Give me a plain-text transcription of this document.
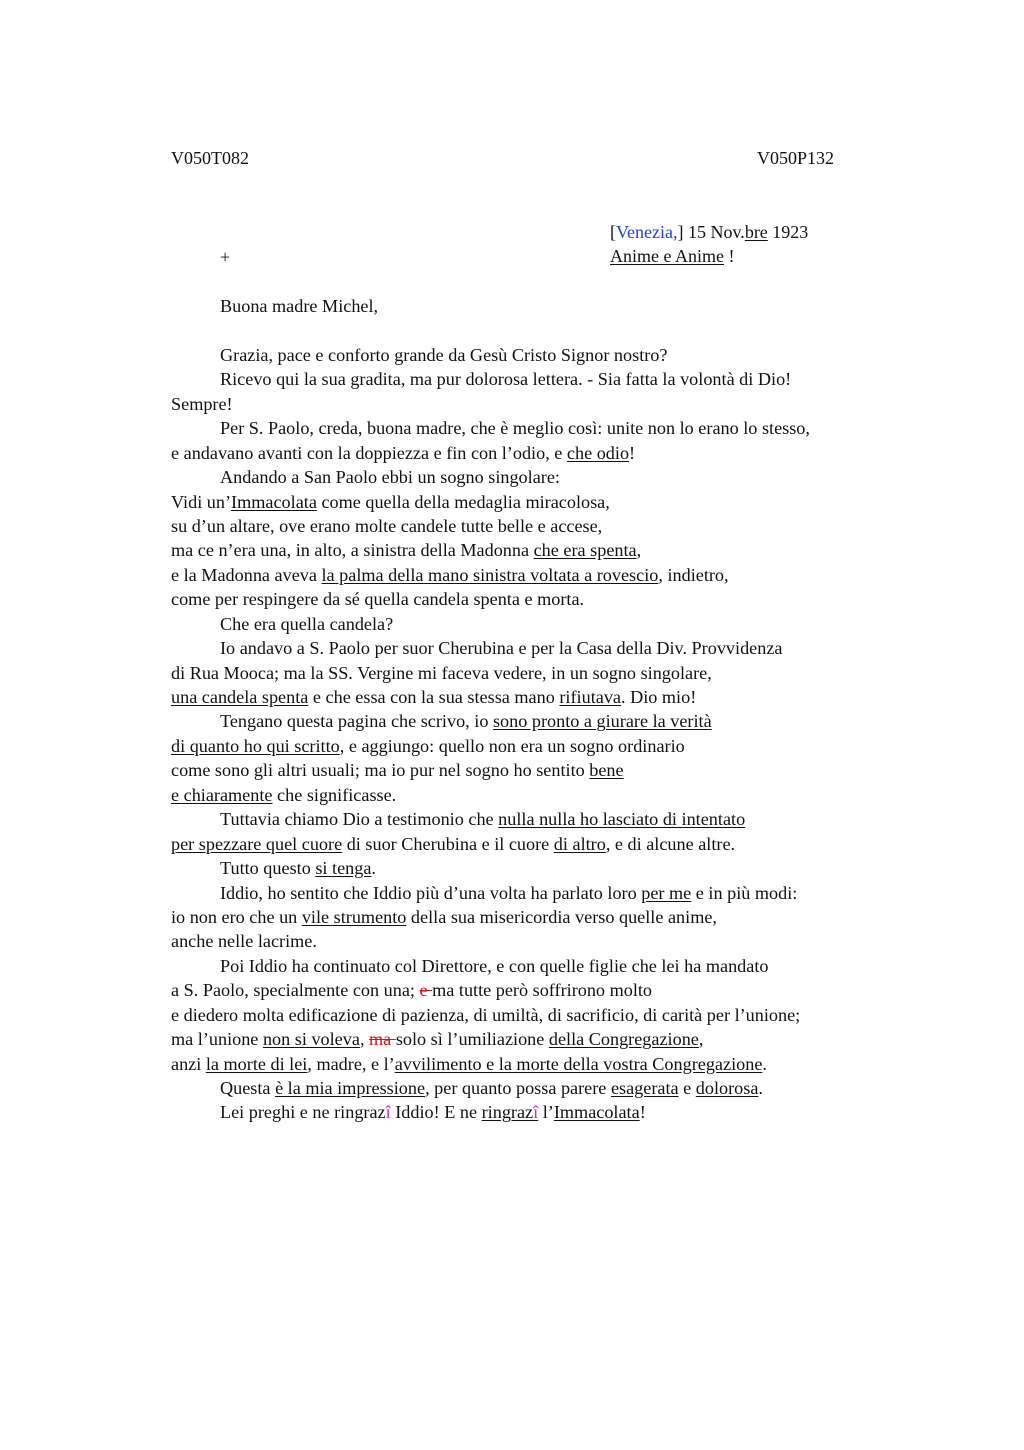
V050T082	V050P132
[Venezia,] 15 Nov.bre 1923
Anime e Anime !
+
Buona madre Michel,
Grazia, pace e conforto grande da Gesù Cristo Signor nostro?
Ricevo qui la sua gradita, ma pur dolorosa lettera. - Sia fatta la volontà di Dio!
Sempre!
Per S. Paolo, creda, buona madre, che è meglio così: unite non lo erano lo stesso,
e andavano avanti con la doppiezza e fin con l’odio, e che odio!
Andando a San Paolo ebbi un sogno singolare:
Vidi un’Immacolata come quella della medaglia miracolosa,
su d’un altare, ove erano molte candele tutte belle e accese,
ma ce n’era una, in alto, a sinistra della Madonna che era spenta,
e la Madonna aveva la palma della mano sinistra voltata a rovescio, indietro,
come per respingere da sé quella candela spenta e morta.
Che era quella candela?
Io andavo a S. Paolo per suor Cherubina e per la Casa della Div. Provvidenza
di Rua Mooca; ma la SS. Vergine mi faceva vedere, in un sogno singolare,
una candela spenta e che essa con la sua stessa mano rifiutava. Dio mio!
Tengano questa pagina che scrivo, io sono pronto a giurare la verità
di quanto ho qui scritto, e aggiungo: quello non era un sogno ordinario
come sono gli altri usuali; ma io pur nel sogno ho sentito bene
e chiaramente che significasse.
Tuttavia chiamo Dio a testimonio che nulla nulla ho lasciato di intentato
per spezzare quel cuore di suor Cherubina e il cuore di altro, e di alcune altre.
Tutto questo si tenga.
Iddio, ho sentito che Iddio più d’una volta ha parlato loro per me e in più modi:
io non ero che un vile strumento della sua misericordia verso quelle anime,
anche nelle lacrime.
Poi Iddio ha continuato col Direttore, e con quelle figlie che lei ha mandato
a S. Paolo, specialmente con una; e ma tutte però soffrirono molto
e diedero molta edificazione di pazienza, di umiltà, di sacrificio, di carità per l’unione;
ma l’unione non si voleva, ma solo sì l’umiliazione della Congregazione,
anzi la morte di lei, madre, e l’avvilimento e la morte della vostra Congregazione.
Questa è la mia impressione, per quanto possa parere esagerata e dolorosa.
Lei preghi e ne ringrazî Iddio! E ne ringrazî l’Immacolata!
